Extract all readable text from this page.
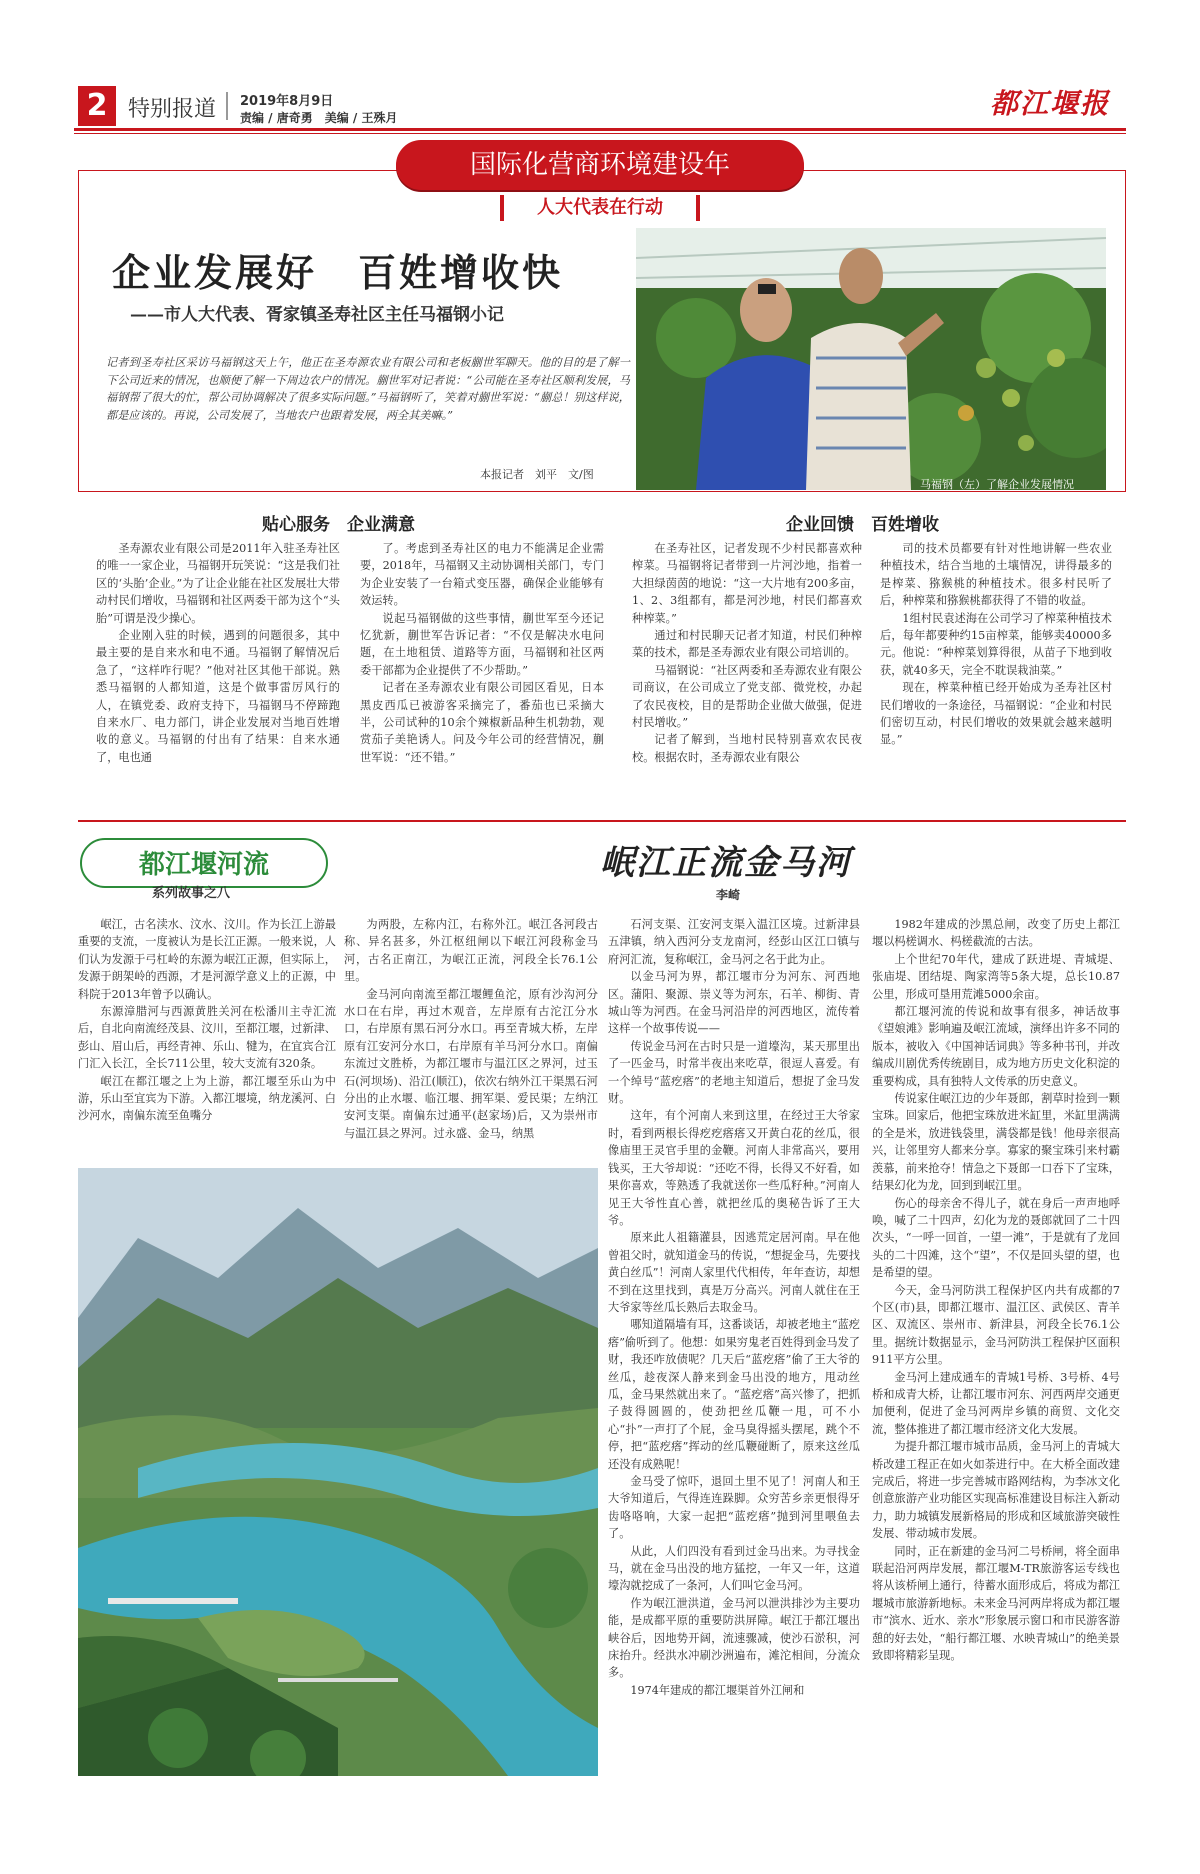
2 特别报道 2019年8月9日
责编 / 唐奇勇　美编 / 王殊月	都江堰报
国际化营商环境建设年
人大代表在行动
企业发展好　百姓增收快
——市人大代表、胥家镇圣寿社区主任马福钢小记
记者到圣寿社区采访马福钢这天上午，他正在圣寿源农业有限公司和老板蒯世军聊天。他的目的是了解一下公司近来的情况，也顺便了解一下周边农户的情况。蒯世军对记者说：“公司能在圣寿社区顺利发展，马福钢帮了很大的忙，帮公司协调解决了很多实际问题。”马福钢听了，笑着对蒯世军说：“蒯总！别这样说，都是应该的。再说，公司发展了，当地农户也跟着发展，两全其美嘛。”
本报记者　刘平　文/图
马福钢（左）了解企业发展情况
贴心服务　企业满意	企业回馈　百姓增收

圣寿源农业有限公司是2011年入驻圣寿社区的唯一一家企业，马福钢开玩笑说：“这是我们社区的‘头胎’企业。”为了让企业能在社区发展壮大带动村民们增收，马福钢和社区两委干部为这个“头胎”可谓是没少操心。

企业刚入驻的时候，遇到的问题很多，其中最主要的是自来水和电不通。马福钢了解情况后急了，“这样咋行呢？”他对社区其他干部说。熟悉马福钢的人都知道，这是个做事雷厉风行的人，在镇党委、政府支持下，马福钢马不停蹄跑自来水厂、电力部门，讲企业发展对当地百姓增收的意义。马福钢的付出有了结果：自来水通了，电也通

了。考虑到圣寿社区的电力不能满足企业需要，2018年，马福钢又主动协调相关部门，专门为企业安装了一台箱式变压器，确保企业能够有效运转。

说起马福钢做的这些事情，蒯世军至今还记忆犹新，蒯世军告诉记者：“不仅是解决水电问题，在土地租赁、道路等方面，马福钢和社区两委干部都为企业提供了不少帮助。”

记者在圣寿源农业有限公司园区看见，日本黑皮西瓜已被游客采摘完了，番茄也已采摘大半，公司试种的10余个辣椒新品种生机勃勃，观赏茄子美艳诱人。问及今年公司的经营情况，蒯世军说：“还不错。”

在圣寿社区，记者发现不少村民都喜欢种榨菜。马福钢将记者带到一片河沙地，指着一大担绿茵茵的地说：“这一大片地有200多亩，1、2、3组都有，都是河沙地，村民们都喜欢种榨菜。”

通过和村民聊天记者才知道，村民们种榨菜的技术，都是圣寿源农业有限公司培训的。

马福钢说：“社区两委和圣寿源农业有限公司商议，在公司成立了党支部、微党校，办起了农民夜校，目的是帮助企业做大做强，促进村民增收。”

记者了解到，当地村民特别喜欢农民夜校。根据农时，圣寿源农业有限公

司的技术员都要有针对性地讲解一些农业种植技术，结合当地的土壤情况，讲得最多的是榨菜、猕猴桃的种植技术。很多村民听了后，种榨菜和猕猴桃都获得了不错的收益。

1组村民袁述海在公司学习了榨菜种植技术后，每年都要种约15亩榨菜，能够卖40000多元。他说：“种榨菜划算得很，从苗子下地到收获，就40多天，完全不耽误栽油菜。”

现在，榨菜种植已经开始成为圣寿社区村民们增收的一条途径，马福钢说：“企业和村民们密切互动，村民们增收的效果就会越来越明显。”

都江堰河流
系列故事之八
岷江正流金马河
李崎

岷江，古名渎水、汶水、汶川。作为长江上游最重要的支流，一度被认为是长江正源。一般来说，人们认为发源于弓杠岭的东源为岷江正源，但实际上，发源于朗架岭的西源，才是河源学意义上的正源，中科院于2013年曾予以确认。

东源漳腊河与西源黄胜关河在松潘川主寺汇流后，自北向南流经茂县、汶川，至都江堰，过新津、彭山、眉山后，再经青神、乐山、犍为，在宜宾合江门汇入长江，全长711公里，较大支流有320条。

岷江在都江堰之上为上游，都江堰至乐山为中游，乐山至宜宾为下游。入都江堰境，纳龙溪河、白沙河水，南偏东流至鱼嘴分

为两股，左称内江，右称外江。岷江各河段古称、异名甚多，外江枢纽闸以下岷江河段称金马河，古名正南江，为岷江正流，河段全长76.1公里。

金马河向南流至都江堰鲤鱼沱，原有沙沟河分水口在右岸，再过木观音，左岸原有古沱江分水口，右岸原有黑石河分水口。再至青城大桥，左岸原有江安河分水口，右岸原有羊马河分水口。南偏东流过文胜桥，为都江堰市与温江区之界河，过玉石(河坝场)、沿江(顺江)，依次右纳外江干渠黑石河分出的止水堰、临江堰、拥军渠、爱民渠；左纳江安河支渠。南偏东过通平(赵家场)后，又为崇州市与温江县之界河。过永盛、金马，纳黑

石河支渠、江安河支渠入温江区境。过新津县五津镇，纳入西河分支龙南河，经彭山区江口镇与府河汇流，复称岷江，金马河之名于此为止。

以金马河为界，都江堰市分为河东、河西地区。蒲阳、聚源、崇义等为河东，石羊、柳街、青城山等为河西。在金马河沿岸的河西地区，流传着这样一个故事传说——

传说金马河在古时只是一道壕沟，某天那里出了一匹金马，时常半夜出来吃草，很逗人喜爱。有一个绰号“蓝疙瘩”的老地主知道后，想捉了金马发财。

这年，有个河南人来到这里，在经过王大爷家时，看到两根长得疙疙瘩瘩又开黄白花的丝瓜，很像庙里王灵官手里的金鞭。河南人非常高兴，要用钱买，王大爷却说：“还吃不得，长得又不好看，如果你喜欢，等熟透了我就送你一些瓜籽种。”河南人见王大爷性直心善，就把丝瓜的奥秘告诉了王大爷。

原来此人祖籍灌县，因逃荒定居河南。早在他曾祖父时，就知道金马的传说，“想捉金马，先要找黄白丝瓜”！河南人家里代代相传，年年查访，却想不到在这里找到，真是万分高兴。河南人就住在王大爷家等丝瓜长熟后去取金马。

哪知道隔墙有耳，这番谈话，却被老地主“蓝疙瘩”偷听到了。他想：如果穷鬼老百姓得到金马发了财，我还咋放债呢？几天后“蓝疙瘩”偷了王大爷的丝瓜，趁夜深人静来到金马出没的地方，甩动丝瓜，金马果然就出来了。“蓝疙瘩”高兴惨了，把抓子鼓得圆圆的，使劲把丝瓜鞭一甩，可不小心“扑”一声打了个屁，金马臭得摇头摆尾，跳个不停，把“蓝疙瘩”挥动的丝瓜鞭碰断了，原来这丝瓜还没有成熟呢！

金马受了惊吓，退回土里不见了！河南人和王大爷知道后，气得连连跺脚。众穷苦乡亲更恨得牙齿咯咯响，大家一起把“蓝疙瘩”抛到河里喂鱼去了。

从此，人们四没有看到过金马出来。为寻找金马，就在金马出没的地方猛挖，一年又一年，这道壕沟就挖成了一条河，人们叫它金马河。

作为岷江泄洪道，金马河以泄洪排沙为主要功能，是成都平原的重要防洪屏障。岷江于都江堰出峡谷后，因地势开阔，流速骤减，使沙石淤积，河床抬升。经洪水冲刷沙洲遍布，滩沱相间，分流众多。

1974年建成的都江堰渠首外江闸和

1982年建成的沙黑总闸，改变了历史上都江堰以杩槎调水、杩槎截流的古法。

上个世纪70年代，建成了跃进堤、青城堤、张庙堤、团结堤、陶家湾等5条大堤，总长10.87公里，形成可垦用荒滩5000余亩。

都江堰河流的传说和故事有很多，神话故事《望娘滩》影响遍及岷江流域，演绎出许多不同的版本，被收入《中国神话词典》等多种书刊，并改编成川剧优秀传统剧目，成为地方历史文化积淀的重要构成，具有独特人文传承的历史意义。

传说家住岷江边的少年聂郎，割草时捡到一颗宝珠。回家后，他把宝珠放进米缸里，米缸里满满的全是米，放进钱袋里，满袋都是钱！他母亲很高兴，让邻里穷人都来分享。寡家的聚宝珠引来村霸羡慕，前来抢夺！情急之下聂郎一口吞下了宝珠，结果幻化为龙，回到到岷江里。

伤心的母亲舍不得儿子，就在身后一声声地呼唤，喊了二十四声，幻化为龙的聂郎就回了二十四次头，“一呼一回首，一望一滩”，于是就有了龙回头的二十四滩，这个“望”，不仅是回头望的望，也是希望的望。

今天，金马河防洪工程保护区内共有成都的7个区(市)县，即都江堰市、温江区、武侯区、青羊区、双流区、崇州市、新津县，河段全长76.1公里。据统计数据显示，金马河防洪工程保护区面积911平方公里。

金马河上建成通车的青城1号桥、3号桥、4号桥和成青大桥，让都江堰市河东、河西两岸交通更加便利，促进了金马河两岸乡镇的商贸、文化交流，整体推进了都江堰市经济文化大发展。

为提升都江堰市城市品质，金马河上的青城大桥改建工程正在如火如荼进行中。在大桥全面改建完成后，将进一步完善城市路网结构，为李冰文化创意旅游产业功能区实现高标准建设目标注入新动力，助力城镇发展新格局的形成和区域旅游突破性发展、带动城市发展。

同时，正在新建的金马河二号桥闸，将全面串联起沿河两岸发展，都江堰M-TR旅游客运专线也将从该桥闸上通行，待蓄水面形成后，将成为都江堰城市旅游新地标。未来金马河两岸将成为都江堰市“滨水、近水、亲水”形象展示窗口和市民游客游憩的好去处，“船行都江堰、水映青城山”的绝美景致即将精彩呈现。
